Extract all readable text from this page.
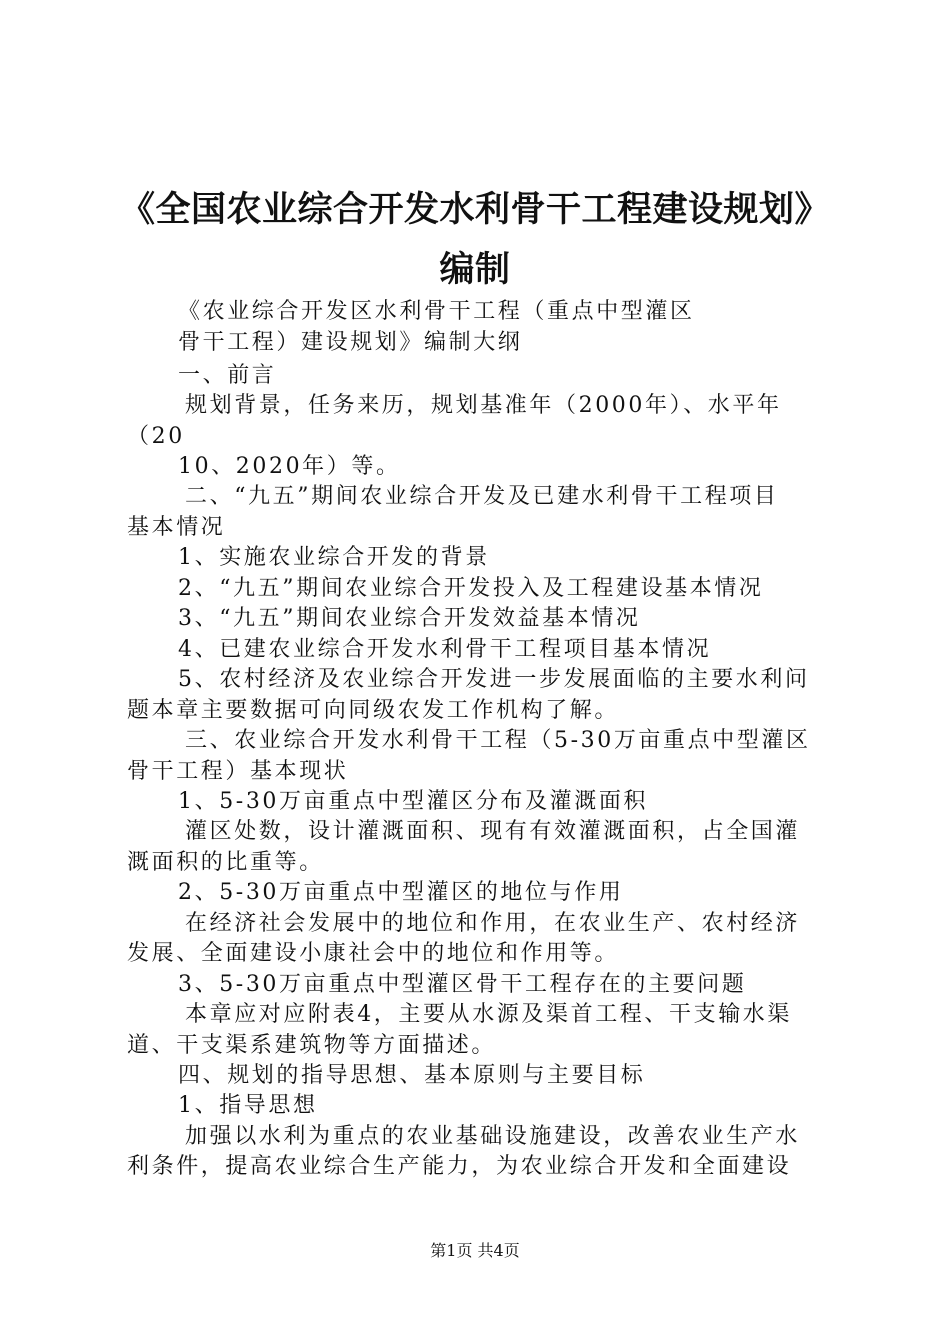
《全国农业综合开发水利骨干工程建设规划》
编制
《农业综合开发区水利骨干工程（重点中型灌区
骨干工程）建设规划》编制大纲
一、前言
规划背景，任务来历，规划基准年（2000年）、水平年
（20
10、2020年）等。
二、“九五”期间农业综合开发及已建水利骨干工程项目
基本情况
1、实施农业综合开发的背景
2、“九五”期间农业综合开发投入及工程建设基本情况
3、“九五”期间农业综合开发效益基本情况
4、已建农业综合开发水利骨干工程项目基本情况
5、农村经济及农业综合开发进一步发展面临的主要水利问
题本章主要数据可向同级农发工作机构了解。
三、农业综合开发水利骨干工程（5-30万亩重点中型灌区
骨干工程）基本现状
1、5-30万亩重点中型灌区分布及灌溉面积
灌区处数，设计灌溉面积、现有有效灌溉面积，占全国灌
溉面积的比重等。
2、5-30万亩重点中型灌区的地位与作用
在经济社会发展中的地位和作用，在农业生产、农村经济
发展、全面建设小康社会中的地位和作用等。
3、5-30万亩重点中型灌区骨干工程存在的主要问题
本章应对应附表4，主要从水源及渠首工程、干支输水渠
道、干支渠系建筑物等方面描述。
四、规划的指导思想、基本原则与主要目标
1、指导思想
加强以水利为重点的农业基础设施建设，改善农业生产水
利条件，提高农业综合生产能力，为农业综合开发和全面建设
第1页 共4页
